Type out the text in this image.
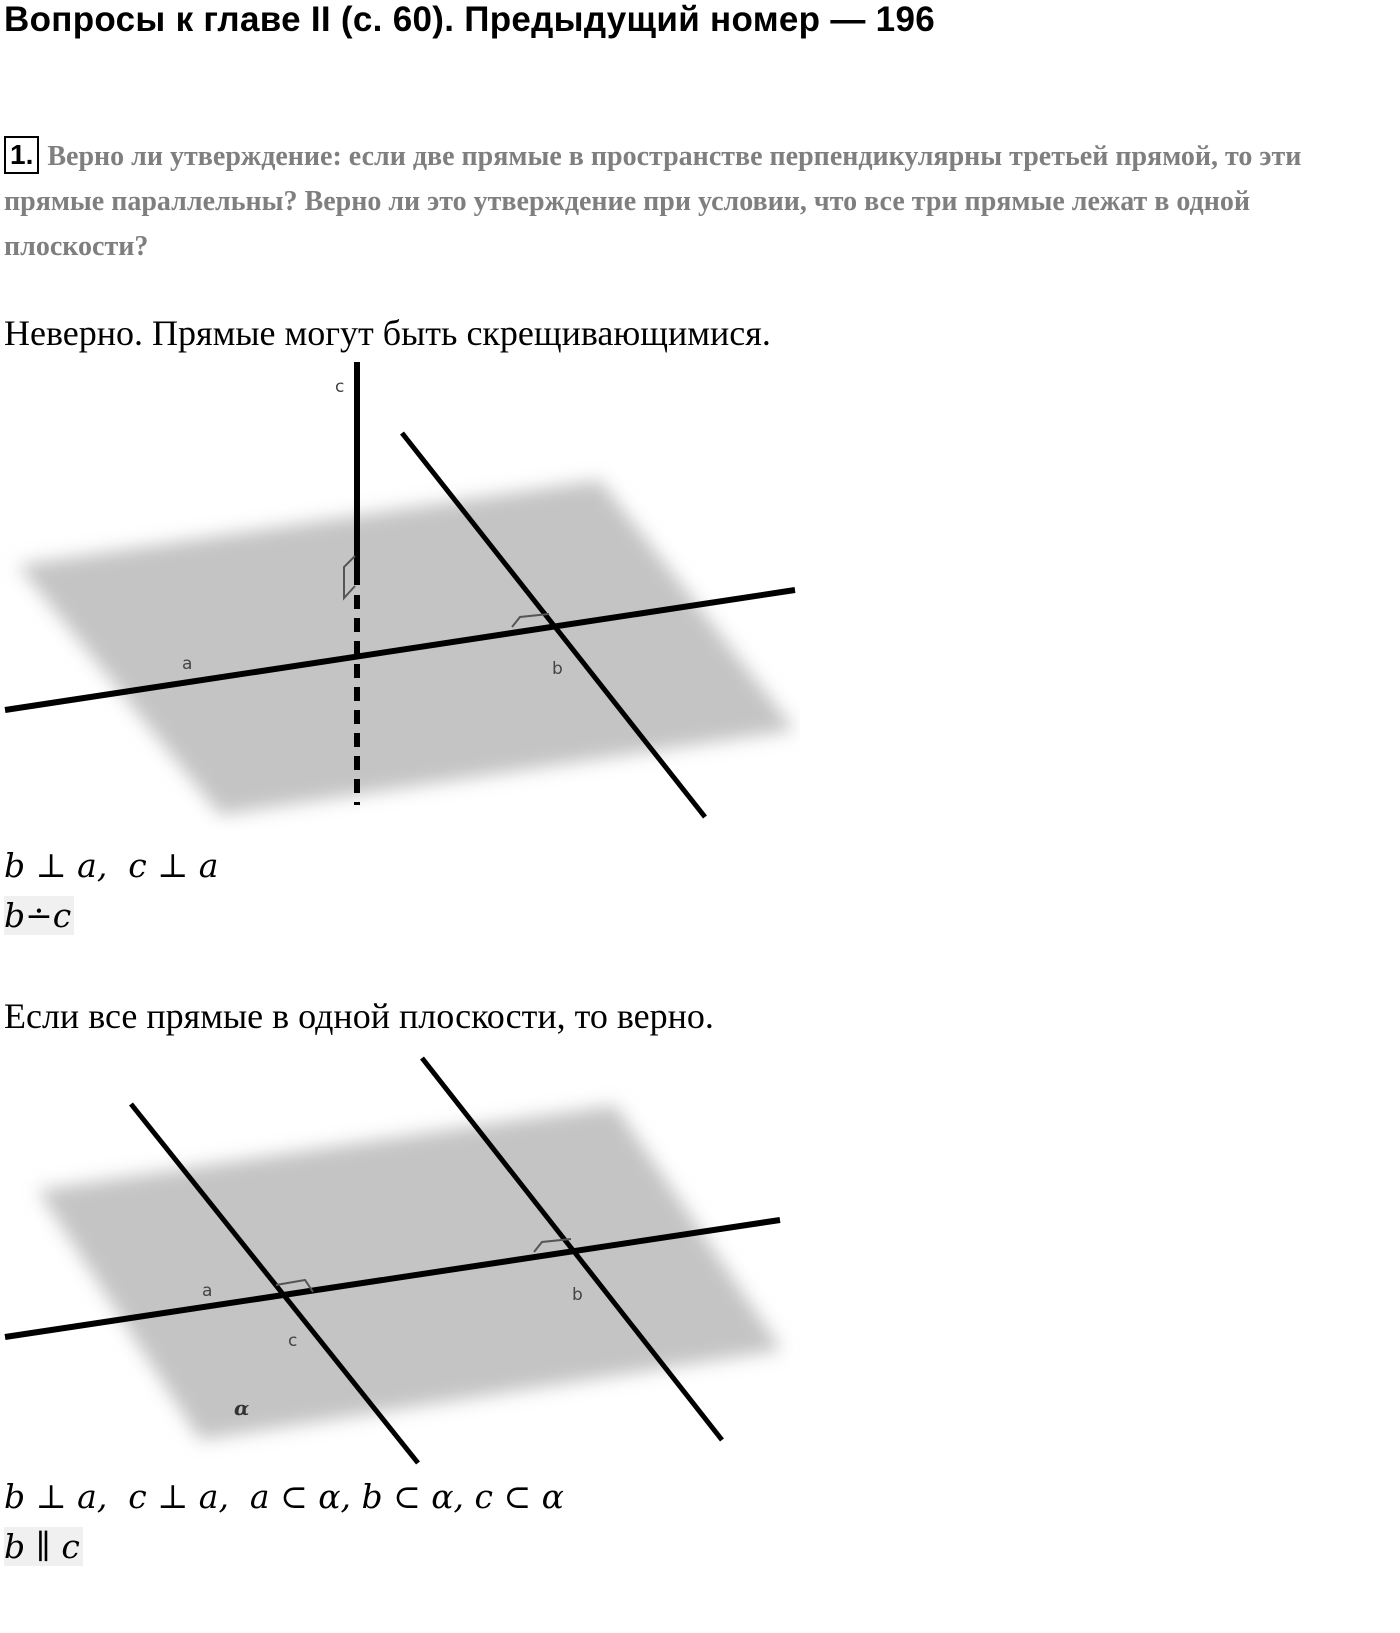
Вопросы к главе II (с. 60). Предыдущий номер — 196
1. Верно ли утверждение: если две прямые в пространстве перпендикулярны третьей прямой, то эти прямые параллельны? Верно ли это утверждение при условии, что все три прямые лежат в одной плоскости?
Неверно. Прямые могут быть скрещивающимися.
c
a	b
b ⊥ a,  c ⊥ a
b∸c
Если все прямые в одной плоскости, то верно.
a
c
b
α
b ⊥ a,  c ⊥ a,  a ⊂ α, b ⊂ α, c ⊂ α
b ∥ c
